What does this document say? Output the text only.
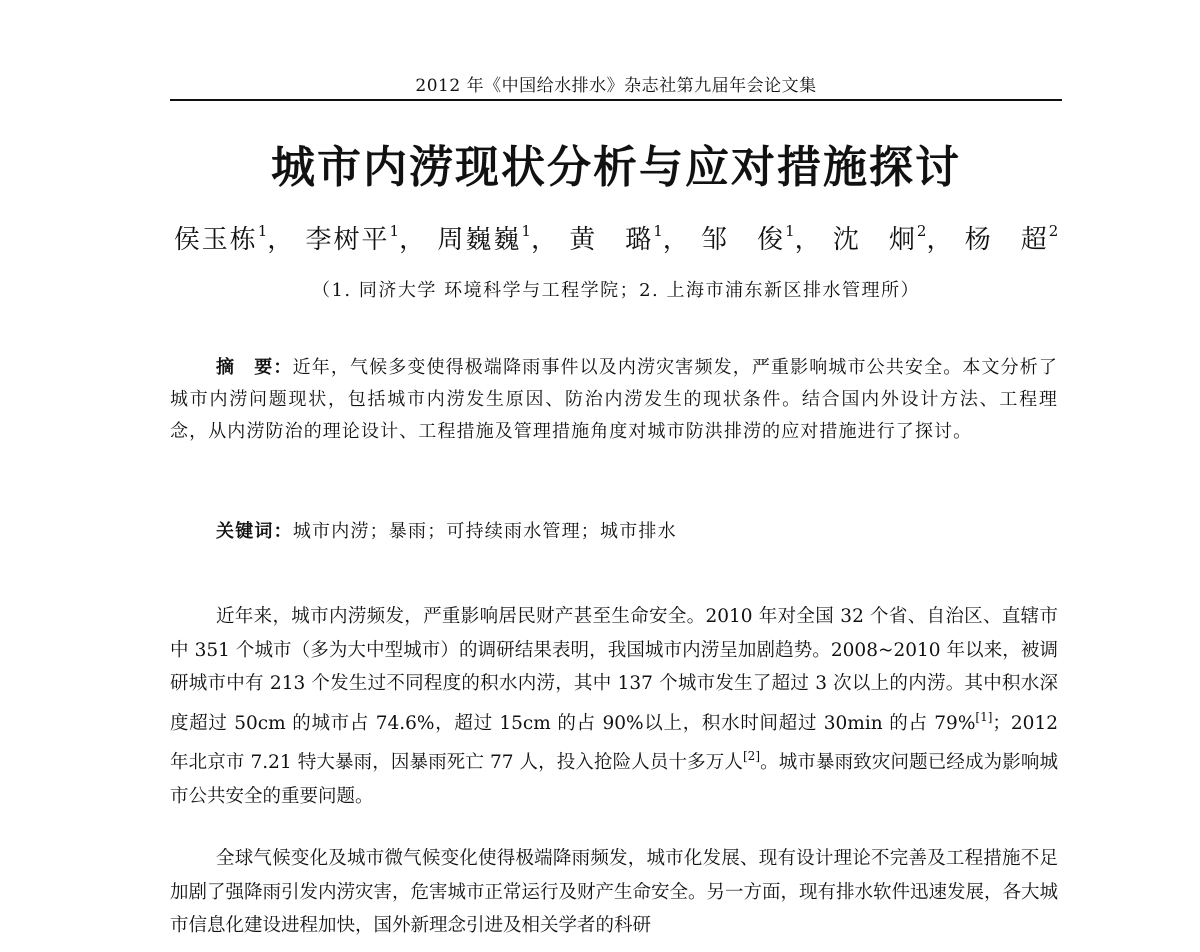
2012 年《中国给水排水》杂志社第九届年会论文集
城市内涝现状分析与应对措施探讨
侯玉栋$^1$， 李树平$^1$， 周巍巍$^1$， 黄　璐$^1$， 邹　俊$^1$， 沈　炯$^2$， 杨　超$^2$
（1. 同济大学 环境科学与工程学院；2. 上海市浦东新区排水管理所）
摘　要：近年，气候多变使得极端降雨事件以及内涝灾害频发，严重影响城市公共安全。本文分析了城市内涝问题现状，包括城市内涝发生原因、防治内涝发生的现状条件。结合国内外设计方法、工程理念，从内涝防治的理论设计、工程措施及管理措施角度对城市防洪排涝的应对措施进行了探讨。
关键词：城市内涝；暴雨；可持续雨水管理；城市排水
近年来，城市内涝频发，严重影响居民财产甚至生命安全。2010 年对全国 32 个省、自治区、直辖市中 351 个城市（多为大中型城市）的调研结果表明，我国城市内涝呈加剧趋势。2008~2010 年以来，被调研城市中有 213 个发生过不同程度的积水内涝，其中 137 个城市发生了超过 3 次以上的内涝。其中积水深度超过 50cm 的城市占 74.6%，超过 15cm 的占 90%以上，积水时间超过 30min 的占 79%[1]；2012 年北京市 7.21 特大暴雨，因暴雨死亡 77 人，投入抢险人员十多万人[2]。城市暴雨致灾问题已经成为影响城市公共安全的重要问题。
全球气候变化及城市微气候变化使得极端降雨频发，城市化发展、现有设计理论不完善及工程措施不足加剧了强降雨引发内涝灾害，危害城市正常运行及财产生命安全。另一方面，现有排水软件迅速发展，各大城市信息化建设进程加快，国外新理念引进及相关学者的科研
